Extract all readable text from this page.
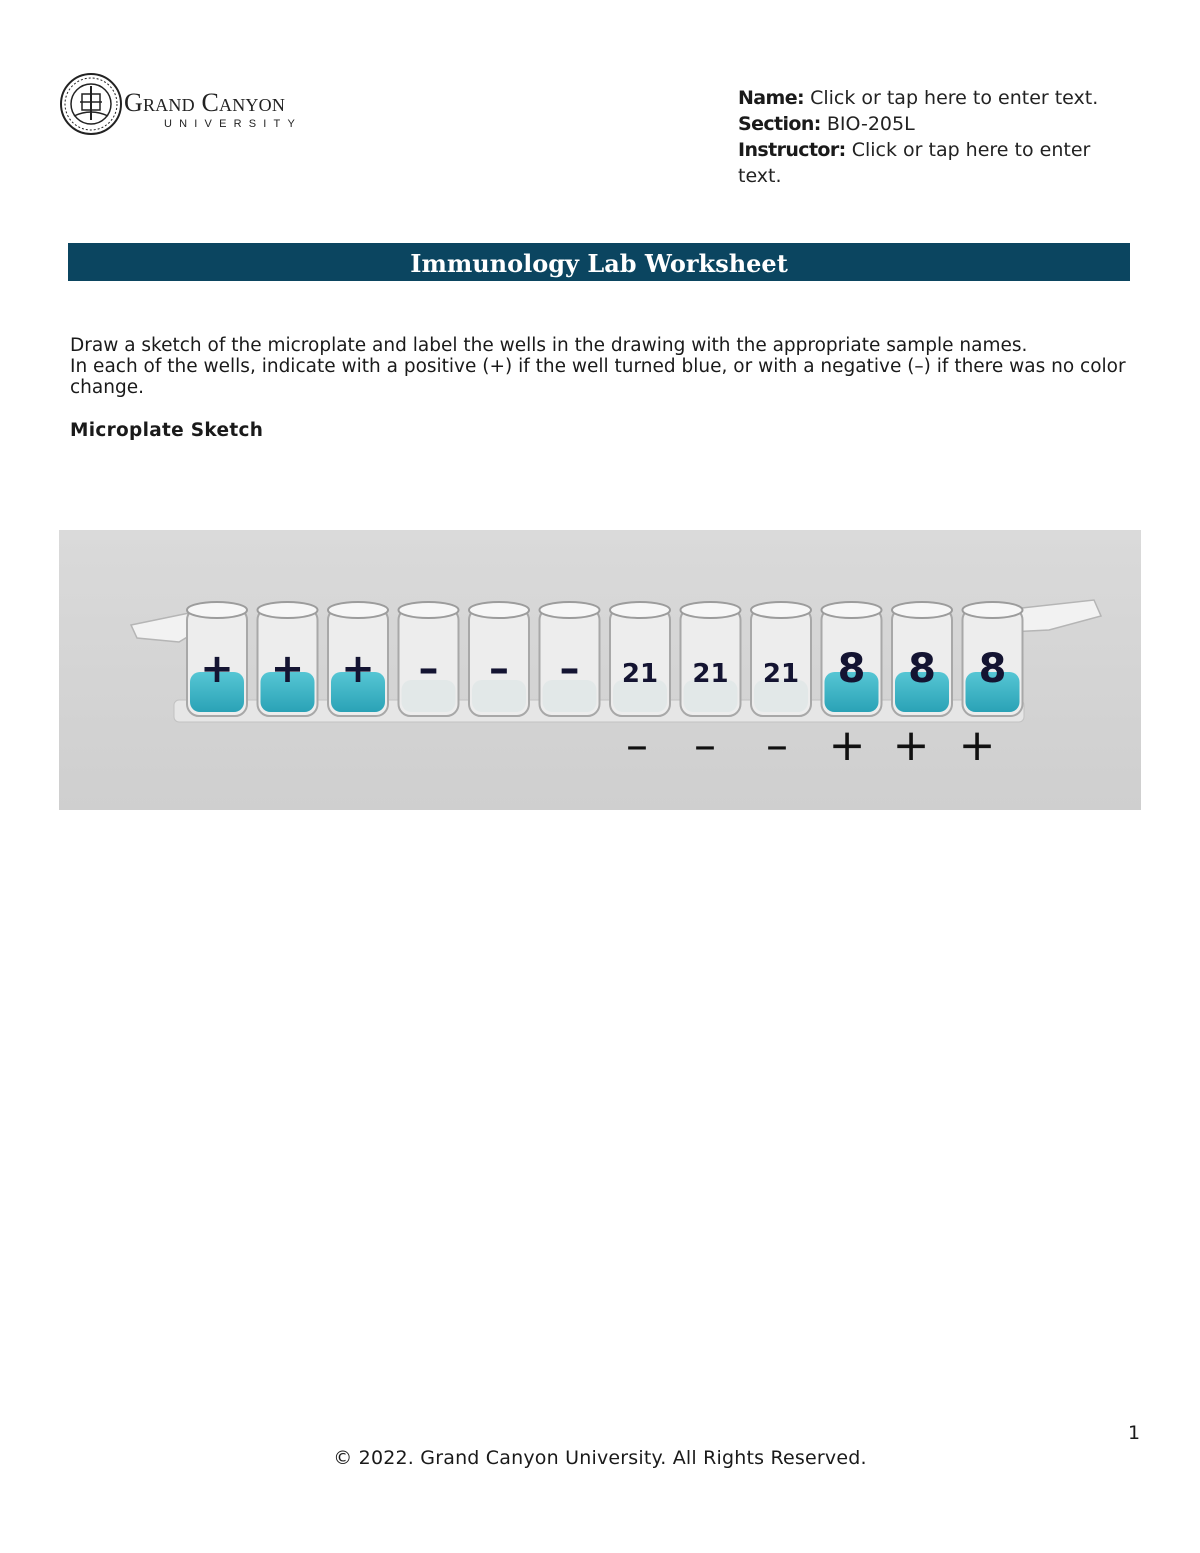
Grand Canyon
UNIVERSITY
Name: Click or tap here to enter text.
Section: BIO-205L
Instructor: Click or tap here to enter text.
Immunology Lab Worksheet

Draw a sketch of the microplate and label the wells in the drawing with the appropriate sample names.

In each of the wells, indicate with a positive (+) if the well turned blue, or with a negative (–) if there was no color change.

Microplate Sketch
+ + + – – – 21 21 21 8 8 8
– – – + + +
1
© 2022. Grand Canyon University. All Rights Reserved.
